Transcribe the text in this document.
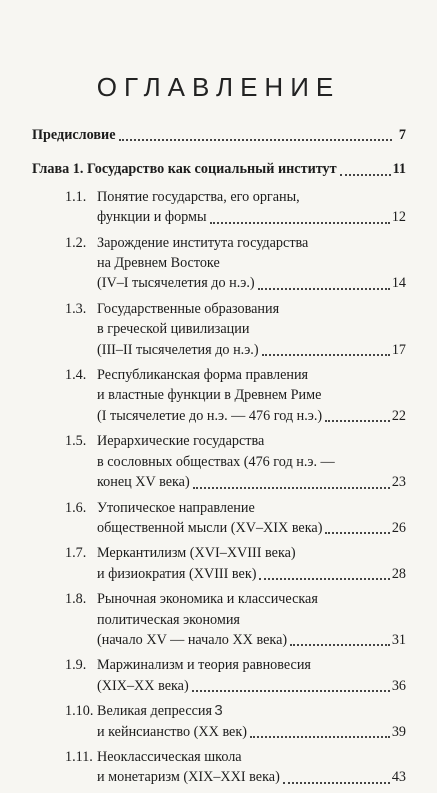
ОГЛАВЛЕНИЕ
Предисловие	7
Глава 1. Государство как социальный институт	11
1.1. Понятие государства, его органы,
функции и формы	12
1.2. Зарождение института государства
на Древнем Востоке
(IV–I тысячелетия до н.э.)	14
1.3. Государственные образования
в греческой цивилизации
(III–II тысячелетия до н.э.)	17
1.4. Республиканская форма правления
и властные функции в Древнем Риме
(I тысячелетие до н.э. — 476 год н.э.)	22
1.5. Иерархические государства
в сословных обществах (476 год н.э. —
конец XV века)	23
1.6. Утопическое направление
общественной мысли (XV–XIX века)	26
1.7. Меркантилизм (XVI–XVIII века)
и физиократия (XVIII век)	28
1.8. Рыночная экономика и классическая
политическая экономия
(начало XV — начало XX века)	31
1.9. Маржинализм и теория равновесия
(XIX–XX века)	36
1.10. Великая депрессия
и кейнсианство (XX век)	39
1.11. Неоклассическая школа
и монетаризм (XIX–XXI века)	43
3
